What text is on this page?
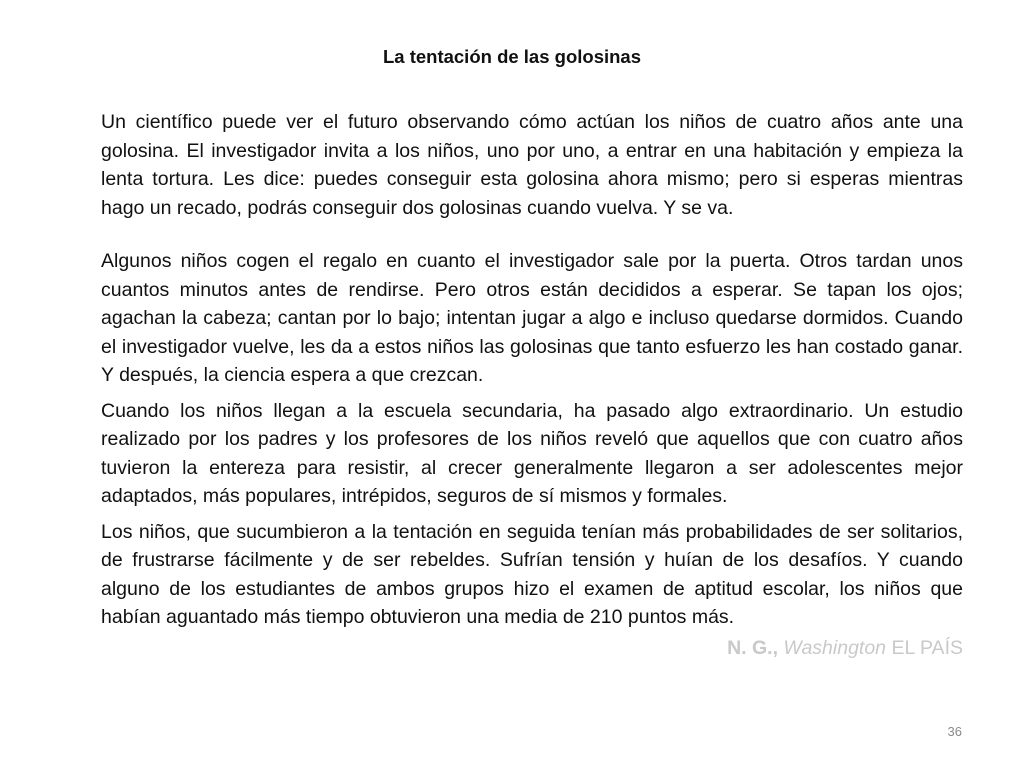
La tentación de las golosinas

Un científico puede ver el futuro observando cómo actúan los niños de cuatro años ante una golosina. El investigador invita a los niños, uno por uno, a entrar en una habitación y empieza la lenta tortura. Les dice: puedes conseguir esta golosina ahora mismo; pero si esperas mientras hago un recado, podrás conseguir dos golosinas cuando vuelva. Y se va.

Algunos niños cogen el regalo en cuanto el investigador sale por la puerta. Otros tardan unos cuantos minutos antes de rendirse. Pero otros están decididos a esperar. Se tapan los ojos; agachan la cabeza; cantan por lo bajo; intentan jugar a algo e incluso quedarse dormidos. Cuando el investigador vuelve, les da a estos niños las golosinas que tanto esfuerzo les han costado ganar. Y después, la ciencia espera a que crezcan.

Cuando los niños llegan a la escuela secundaria, ha pasado algo extraordinario. Un estudio realizado por los padres y los profesores de los niños reveló que aquellos que con cuatro años tuvieron la entereza para resistir, al crecer generalmente llegaron a ser adolescentes mejor adaptados, más populares, intrépidos, seguros de sí mismos y formales.

Los niños, que sucumbieron a la tentación en seguida tenían más probabilidades de ser solitarios, de frustrarse fácilmente y de ser rebeldes. Sufrían tensión y huían de los desafíos. Y cuando alguno de los estudiantes de ambos grupos hizo el examen de aptitud escolar, los niños que habían aguantado más tiempo obtuvieron una media de 210 puntos más.

N. G., Washington EL PAÍS
36
